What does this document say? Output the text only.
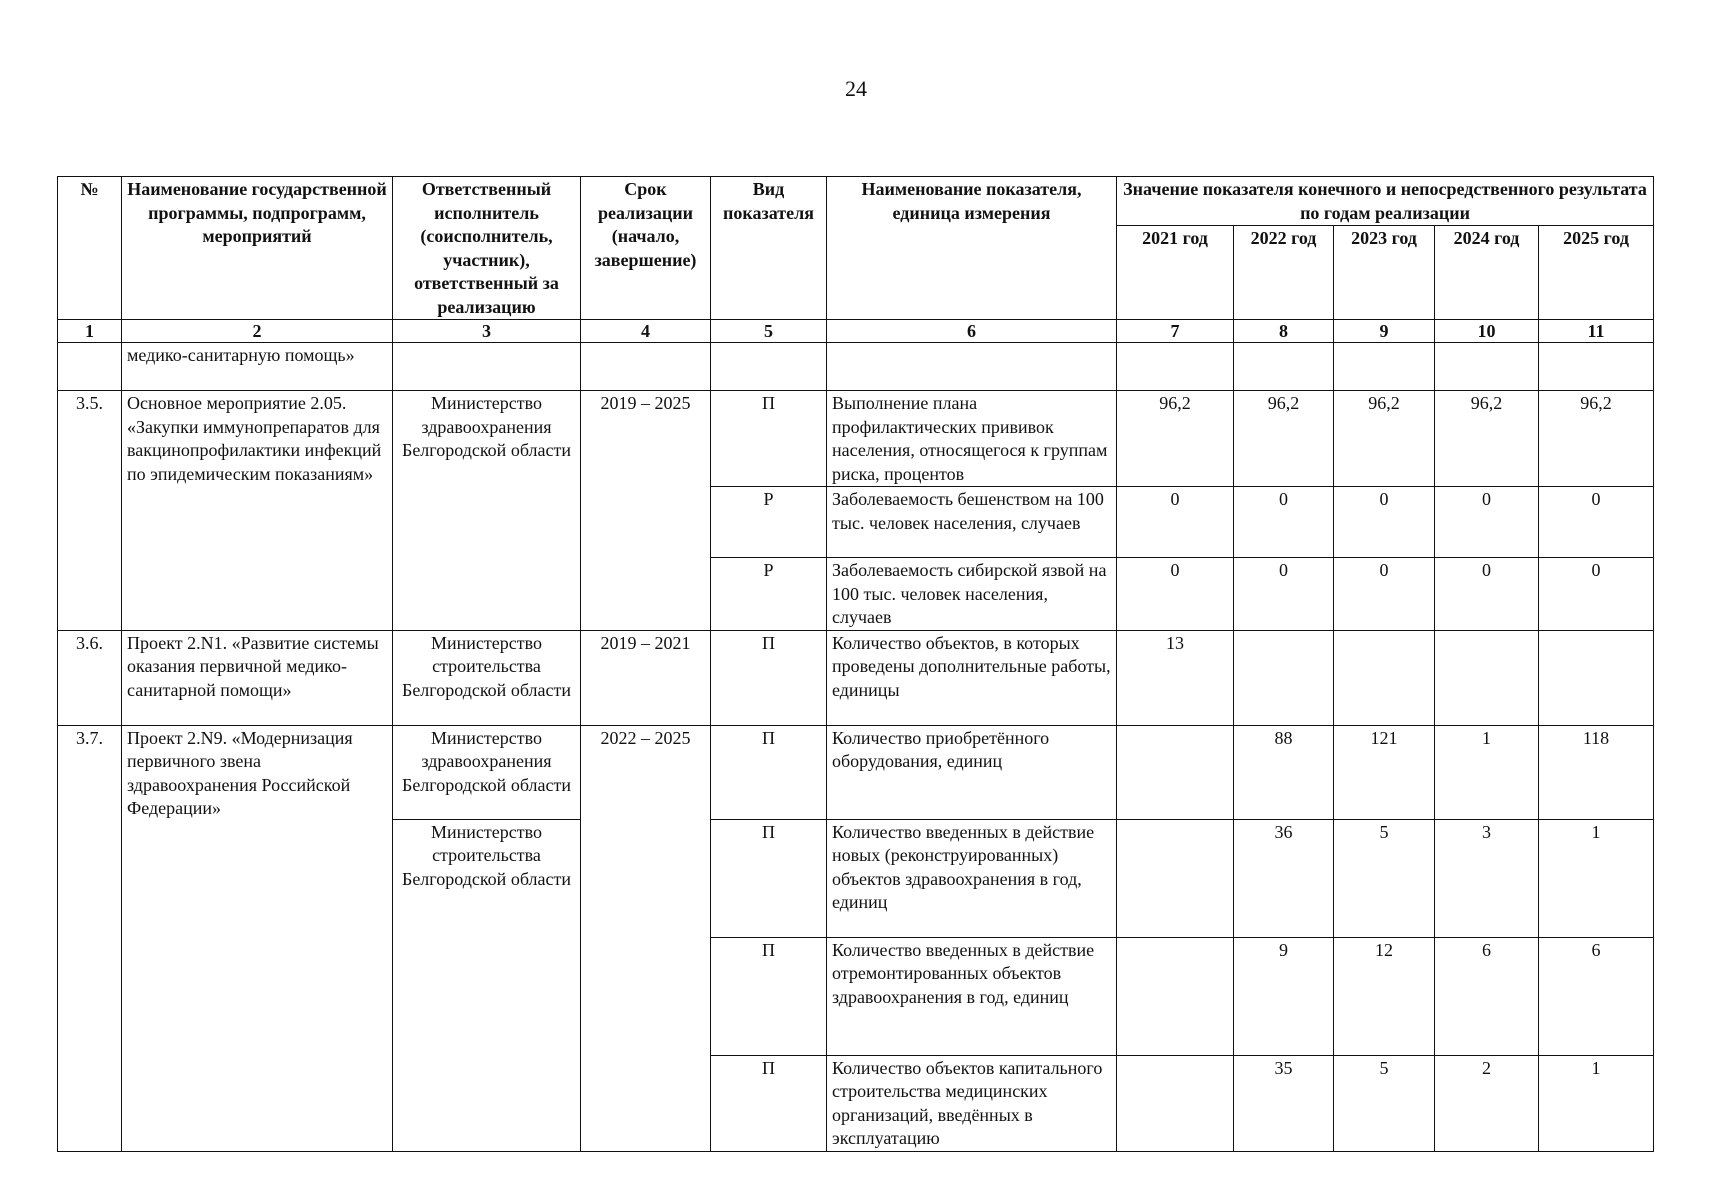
24
№	Наименование государственной программы, подпрограмм, мероприятий	Ответственный исполнитель (соисполнитель, участник), ответственный за реализацию	Срок реализации (начало, завершение)	Вид показателя	Наименование показателя, единица измерения	Значение показателя конечного и непосредственного результата по годам реализации				
						2021 год	2022 год	2023 год	2024 год	2025 год
1	2	3	4	5	6	7	8	9	10	11
	медико-санитарную помощь»									
3.5.	Основное мероприятие 2.05. «Закупки иммунопрепаратов для вакцинопрофилактики инфекций по эпидемическим показаниям»	Министерство здравоохранения Белгородской области	2019 – 2025	П	Выполнение плана профилактических прививок населения, относящегося к группам риска, процентов	96,2	96,2	96,2	96,2	96,2
				Р	Заболеваемость бешенством на 100 тыс. человек населения, случаев	0	0	0	0	0
				Р	Заболеваемость сибирской язвой на 100 тыс. человек населения, случаев	0	0	0	0	0
3.6.	Проект 2.N1. «Развитие системы оказания первичной медико-санитарной помощи»	Министерство строительства Белгородской области	2019 – 2021	П	Количество объектов, в которых проведены дополнительные работы, единицы	13				
3.7.	Проект 2.N9. «Модернизация первичного звена здравоохранения Российской Федерации»	Министерство здравоохранения Белгородской области	2022 – 2025	П	Количество приобретённого оборудования, единиц		88	121	1	118
		Министерство строительства Белгородской области		П	Количество введенных в действие новых (реконструированных) объектов здравоохранения в год, единиц		36	5	3	1
				П	Количество введенных в действие отремонтированных объектов здравоохранения в год, единиц		9	12	6	6
				П	Количество объектов капитального строительства медицинских организаций, введённых в эксплуатацию		35	5	2	1
